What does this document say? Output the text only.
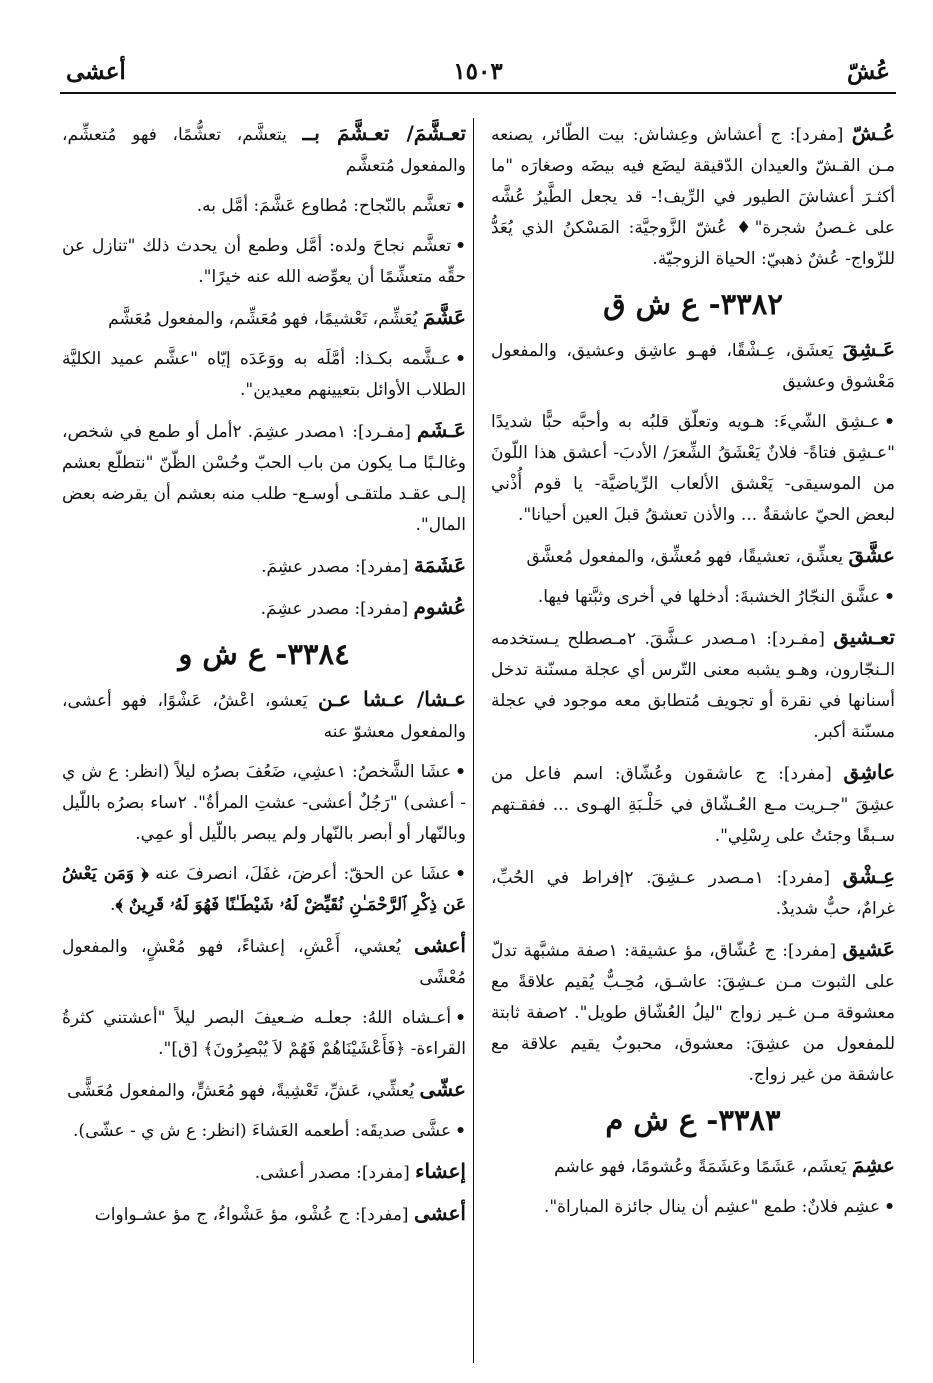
عُشّ
١٥٠٣
أعشى

عُـشّ [مفرد]: ج أعشاش وعِشاش: بيت الطّائر، يصنعه مـن القـشّ والعيدان الدّقيقة ليضَع فيه بيضَه وصغارَه "ما أكثـرَ أعشاشَ الطيور في الرِّيف!- قد يجعل الطَّيرُ عُشَّه على غـصنُ شجرة"♦ عُشّ الزَّوجيَّة: المَسْكنُ الذي يُعَدُّ للزّواج- عُشٌ ذهبيّ: الحياة الزوجيّة.

٣٣٨٢- ع ش ق

عَـشِقَ يَعشَق، عِـشْقًا، فهـو عاشِق وعشيق، والمفعول مَعْشوق وعشيق

•عـشِق الشّيءَ: هـويه وتعلّق قلبُه به وأحبَّه حبًّا شديدًا "عـشِق فتاةً- فلانٌ يَعْشَقُ الشِّعرَ/ الأدبَ- أعشق هذا اللّونَ من الموسيقى- يَعْشق الألعاب الرِّياضيَّة- يا قوم أُذْني لبعض الحيّ عاشقةٌ ... والأذن تعشقُ قبلَ العين أحيانا".

عشَّقَ يعشِّق، تعشيقًا، فهو مُعشِّق، والمفعول مُعشَّق

•عشَّق النجّارُ الخشبةَ: أدخلها في أخرى وثبَّتها فيها.

تعـشيق [مفـرد]: ١مـصدر عـشَّقَ. ٢مـصطلح يـستخدمه الـنجّارون، وهـو يشبه معنى التّرس أي عجلة مسنّنة تدخل أسنانها في نقرة أو تجويف مُتطابق معه موجود في عجلة مسنّنة أكبر.

عاشِق [مفرد]: ج عاشقون وعُشّاق: اسم فاعل من عشِقَ "جـريت مـع العُـشّاق في حَلْـبَةِ الهـوى ... ففقـتهم سـبقًا وجئتُ على رِسْلِي".

عِـشْق [مفرد]: ١مـصدر عـشِقَ. ٢إفراط في الحُبِّ، غرامٌ، حبٌّ شديدٌ.

عَشيق [مفرد]: ج عُشّاق، مؤ عشيقة: ١صفة مشبَّهة تدلّ على الثبوت مـن عـشِقَ: عاشـق، مُحِـبٌّ يُقيم علاقةً مع معشوقة مـن غـير زواج "ليلُ العُشّاق طويل". ٢صفة ثابتة للمفعول من عشِقَ: معشوق، محبوبٌ يقيم علاقة مع عاشقة من غير زواج.

٣٣٨٣- ع ش م

عشِمَ يَعشَم، عَشَمًا وعَشَمَةً وعُشومًا، فهو عاشم

•عشِم فلانٌ: طمع "عشِم أن ينال جائزة المباراة".

تعـشَّمَ/ تعـشَّمَ بــ يتعشَّم، تعشُّمًا، فهو مُتعشِّم، والمفعول مُتعشَّم

•تعشَّم بالنّجاح: مُطاوع عَشَّمَ: أمَّل به.

•تعشَّم نجاحَ ولده: أمَّل وطمع أن يحدث ذلك "تنازل عن حقِّه متعشِّمًا أن يعوِّضه الله عنه خيرًا".

عَشَّمَ يُعَشِّم، تَعْشيمًا، فهو مُعَشِّم، والمفعول مُعَشَّم

•عـشَّمه بكـذا: أمَّلَه به ووَعَدَه إيّاه "عشَّم عميد الكليَّة الطلاب الأوائل بتعيينهم معيدين".

عَـشَم [مفـرد]: ١مصدر عشِمَ. ٢أمل أو طمع في شخص، وغالـبًا مـا يكون من باب الحبّ وحُسْن الظّنّ "نتطلّع بعشم إلـى عقـد ملتقـى أوسـع- طلب منه بعشم أن يقرضه بعض المال".

عَشَمَة [مفرد]: مصدر عشِمَ.

عُشوم [مفرد]: مصدر عشِمَ.

٣٣٨٤- ع ش و

عـشا/ عـشا عـن يَعشو، اعْشُ، عَشْوًا، فهو أعشى، والمفعول معشوّ عنه

•عشَا الشَّخصُ: ١عشِي، ضَعُفَ بصرُه ليلاً (انظر: ع ش ي - أعشى) "رَجُلٌ أعشى- عشتِ المرأةُ". ٢ساء بصرُه باللّيل وبالنّهار أو أبصر بالنّهار ولم يبصر باللّيل أو عمِي.

•عشَا عن الحقّ: أعرضَ، غفَلَ، انصرفَ عنه ﴿ وَمَن يَعْشُ عَن ذِكْرِ ٱلرَّحْمَـٰنِ نُقَيِّضْ لَهُۥ شَيْطَـٰنًا فَهُوَ لَهُۥ قَرِينٌ ﴾.

أعشى يُعشي، أَعْشِ، إعشاءً، فهو مُعْشٍ، والمفعول مُعْشًى

•أعـشاه اللهُ: جعلـه ضـعيفَ البصر ليلاً "أعشتني كثرةُ القراءة- ﴿فَأَعْشَيْنَاهُمْ فَهُمْ لاَ يُبْصِرُونَ﴾ [ق]".

عشّى يُعشِّي، عَشِّ، تَعْشِيةً، فهو مُعَشٍّ، والمفعول مُعَشًّى

•عشَّى صديقَه: أطعمه العَشاءَ (انظر: ع ش ي - عشّى).

إعشاء [مفرد]: مصدر أعشى.

أعشى [مفرد]: ج عُشْو، مؤ عَشْواءُ، ج مؤ عشـواوات
